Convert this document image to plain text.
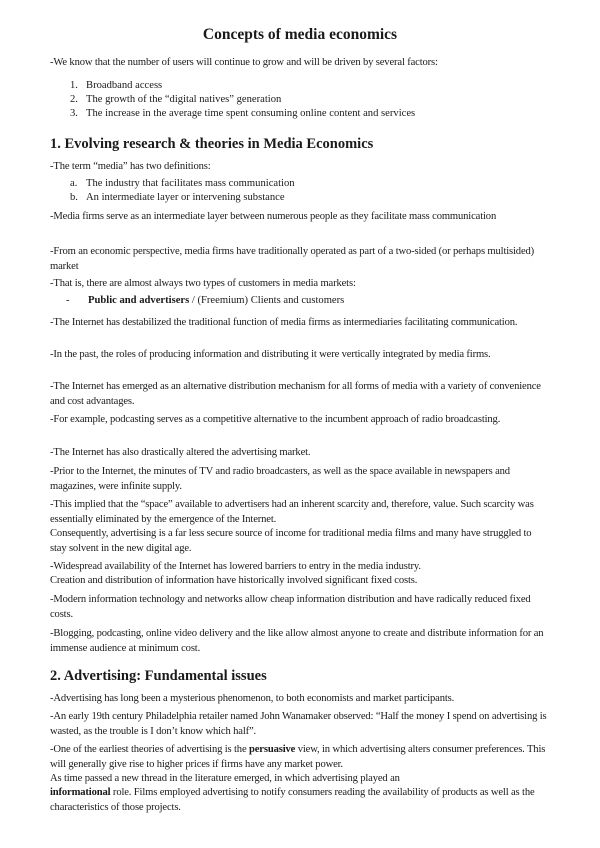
Concepts of media economics
-We know that the number of users will continue to grow and will be driven by several factors:
1. Broadband access
2. The growth of the “digital natives” generation
3. The increase in the average time spent consuming online content and services
1. Evolving research & theories in Media Economics
-The term “media” has two definitions:
a. The industry that facilitates mass communication
b. An intermediate layer or intervening substance
-Media firms serve as an intermediate layer between numerous people as they facilitate mass communication
-From an economic perspective, media firms have traditionally operated as part of a two-sided (or perhaps multisided) market
-That is, there are almost always two types of customers in media markets:
- Public and advertisers / (Freemium) Clients and customers
-The Internet has destabilized the traditional function of media firms as intermediaries facilitating communication.
-In the past, the roles of producing information and distributing it were vertically integrated by media firms.
-The Internet has emerged as an alternative distribution mechanism for all forms of media with a variety of convenience and cost advantages.
-For example, podcasting serves as a competitive alternative to the incumbent approach of radio broadcasting.
-The Internet has also drastically altered the advertising market.
-Prior to the Internet, the minutes of TV and radio broadcasters, as well as the space available in newspapers and magazines, were infinite supply.
-This implied that the “space” available to advertisers had an inherent scarcity and, therefore, value. Such scarcity was essentially eliminated by the emergence of the Internet.
Consequently, advertising is a far less secure source of income for traditional media films and many have struggled to stay solvent in the new digital age.
-Widespread availability of the Internet has lowered barriers to entry in the media industry.
Creation and distribution of information have historically involved significant fixed costs.
-Modern information technology and networks allow cheap information distribution and have radically reduced fixed costs.
-Blogging, podcasting, online video delivery and the like allow almost anyone to create and distribute information for an immense audience at minimum cost.
2. Advertising: Fundamental issues
-Advertising has long been a mysterious phenomenon, to both economists and market participants.
-An early 19th century Philadelphia retailer named John Wanamaker observed: “Half the money I spend on advertising is wasted, as the trouble is I don’t know which half”.
-One of the earliest theories of advertising is the persuasive view, in which advertising alters consumer preferences. This will generally give rise to higher prices if firms have any market power.
As time passed a new thread in the literature emerged, in which advertising played an
informational role. Films employed advertising to notify consumers reading the availability of products as well as the characteristics of those projects.
